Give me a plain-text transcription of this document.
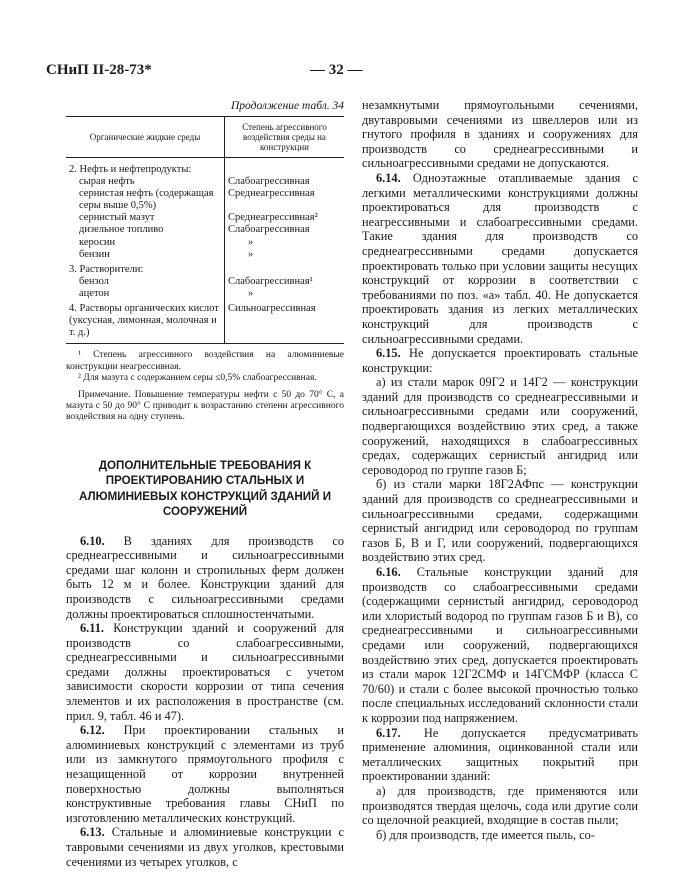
СНиП II-28-73*	— 32 —
Продолжение табл. 34
Органические жидкие среды	Степень агрессивного воздействия среды на конструкции
2. Нефть и нефтепродукты:	

сырая нефть	Слабоагрессивная

сернистая нефть (содержащая серы выше 0,5%)	Среднеагрессивная

сернистый мазут	Среднеагрессивная²

дизельное топливо	Слабоагрессивная

керосин	»

бензин	»
3. Растворители:	

бензол	Слабоагрессивная¹

ацетон	»
4. Растворы органических кислот (уксусная, лимонная, молочная и т. д.)	Сильноагрессивная

¹ Степень агрессивного воздействия на алюминиевые конструкции неагрессивная.

² Для мазута с содержанием серы ≤0,5% слабоагрессивная.

Примечание. Повышение температуры нефти с 50 до 70° С, а мазута с 50 до 90° С приводит к возрастанию степени агрессивного воздействия на одну ступень.

ДОПОЛНИТЕЛЬНЫЕ ТРЕБОВАНИЯ К ПРОЕКТИРОВАНИЮ СТАЛЬНЫХ И АЛЮМИНИЕВЫХ КОНСТРУКЦИЙ ЗДАНИЙ И СООРУЖЕНИЙ

6.10. В зданиях для производств со среднеагрессивными и сильноагрессивными средами шаг колонн и стропильных ферм должен быть 12 м и более. Конструкции зданий для производств с сильноагрессивными средами должны проектироваться сплошностенчатыми.

6.11. Конструкции зданий и сооружений для производств со слабоагрессивными, среднеагрессивными и сильноагрессивными средами должны проектироваться с учетом зависимости скорости коррозии от типа сечения элементов и их расположения в пространстве (см. прил. 9, табл. 46 и 47).

6.12. При проектировании стальных и алюминиевых конструкций с элементами из труб или из замкнутого прямоугольного профиля с незащищенной от коррозии внутренней поверхностью должны выполняться конструктивные требования главы СНиП по изготовлению металлических конструкций.

6.13. Стальные и алюминиевые конструкции с тавровыми сечениями из двух уголков, крестовыми сечениями из четырех уголков, с

незамкнутыми прямоугольными сечениями, двутавровыми сечениями из швеллеров или из гнутого профиля в зданиях и сооружениях для производств со среднеагрессивными и сильноагрессивными средами не допускаются.

6.14. Одноэтажные отапливаемые здания с легкими металлическими конструкциями должны проектироваться для производств с неагрессивными и слабоагрессивными средами. Такие здания для производств со среднеагрессивными средами допускается проектировать только при условии защиты несущих конструкций от коррозии в соответствии с требованиями по поз. «а» табл. 40. Не допускается проектировать здания из легких металлических конструкций для производств с сильноагрессивными средами.

6.15. Не допускается проектировать стальные конструкции:

а) из стали марок 09Г2 и 14Г2 — конструкции зданий для производств со среднеагрессивными и сильноагрессивными средами или сооружений, подвергающихся воздействию этих сред, а также сооружений, находящихся в слабоагрессивных средах, содержащих сернистый ангидрид или сероводород по группе газов Б;

б) из стали марки 18Г2АФпс — конструкции зданий для производств со среднеагрессивными и сильноагрессивными средами, содержащими сернистый ангидрид или сероводород по группам газов Б, В и Г, или сооружений, подвергающихся воздействию этих сред.

6.16. Стальные конструкции зданий для производств со слабоагрессивными средами (содержащими сернистый ангидрид, сероводород или хлористый водород по группам газов Б и В), со среднеагрессивными и сильноагрессивными средами или сооружений, подвергающихся воздействию этих сред, допускается проектировать из стали марок 12Г2СМФ и 14ГСМФР (класса С 70/60) и стали с более высокой прочностью только после специальных исследований склонности стали к коррозии под напряжением.

6.17. Не допускается предусматривать применение алюминия, оцинкованной стали или металлических защитных покрытий при проектировании зданий:

а) для производств, где применяются или производятся твердая щелочь, сода или другие соли со щелочной реакцией, входящие в состав пыли;

б) для производств, где имеется пыль, со-
